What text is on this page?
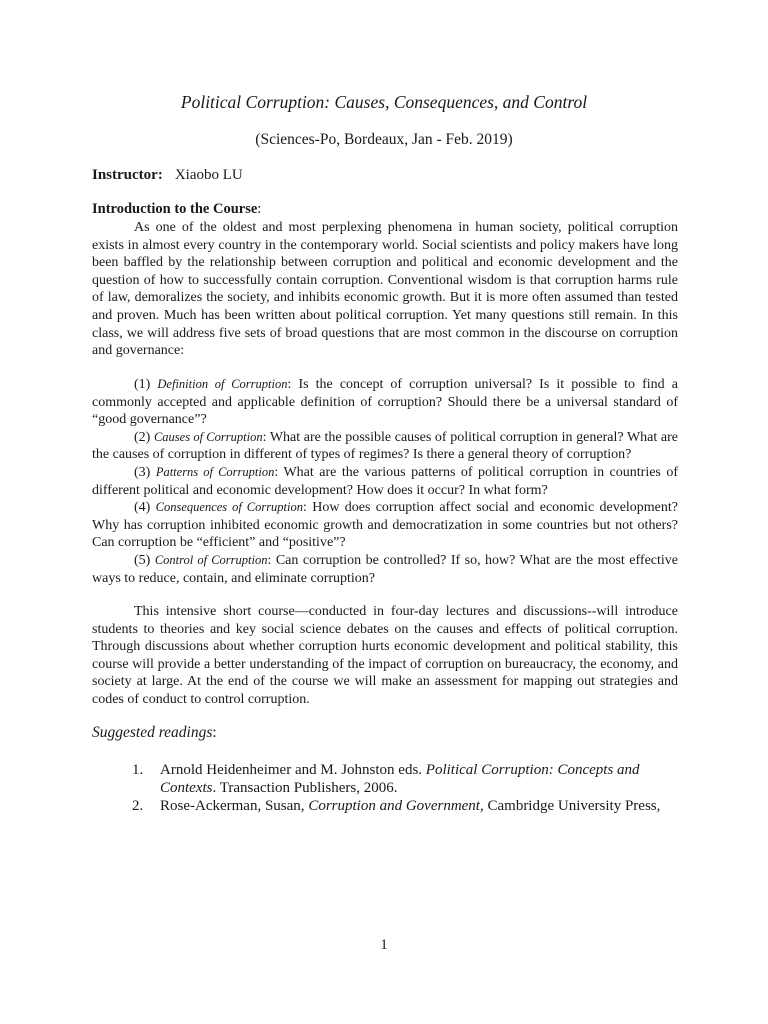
Political Corruption: Causes, Consequences, and Control
(Sciences-Po, Bordeaux, Jan - Feb. 2019)
Instructor: Xiaobo LU
Introduction to the Course:

As one of the oldest and most perplexing phenomena in human society, political corruption exists in almost every country in the contemporary world. Social scientists and policy makers have long been baffled by the relationship between corruption and political and economic development and the question of how to successfully contain corruption. Conventional wisdom is that corruption harms rule of law, demoralizes the society, and inhibits economic growth. But it is more often assumed than tested and proven. Much has been written about political corruption. Yet many questions still remain. In this class, we will address five sets of broad questions that are most common in the discourse on corruption and governance:

(1) Definition of Corruption: Is the concept of corruption universal? Is it possible to find a commonly accepted and applicable definition of corruption? Should there be a universal standard of “good governance”?

(2) Causes of Corruption: What are the possible causes of political corruption in general? What are the causes of corruption in different of types of regimes? Is there a general theory of corruption?

(3) Patterns of Corruption: What are the various patterns of political corruption in countries of different political and economic development? How does it occur? In what form?

(4) Consequences of Corruption: How does corruption affect social and economic development? Why has corruption inhibited economic growth and democratization in some countries but not others? Can corruption be “efficient” and “positive”?

(5) Control of Corruption: Can corruption be controlled? If so, how? What are the most effective ways to reduce, contain, and eliminate corruption?

This intensive short course—conducted in four-day lectures and discussions--will introduce students to theories and key social science debates on the causes and effects of political corruption. Through discussions about whether corruption hurts economic development and political stability, this course will provide a better understanding of the impact of corruption on bureaucracy, the economy, and society at large. At the end of the course we will make an assessment for mapping out strategies and codes of conduct to control corruption.

Suggested readings:
1. Arnold Heidenheimer and M. Johnston eds. Political Corruption: Concepts and Contexts. Transaction Publishers, 2006.
2. Rose-Ackerman, Susan, Corruption and Government, Cambridge University Press,
1
